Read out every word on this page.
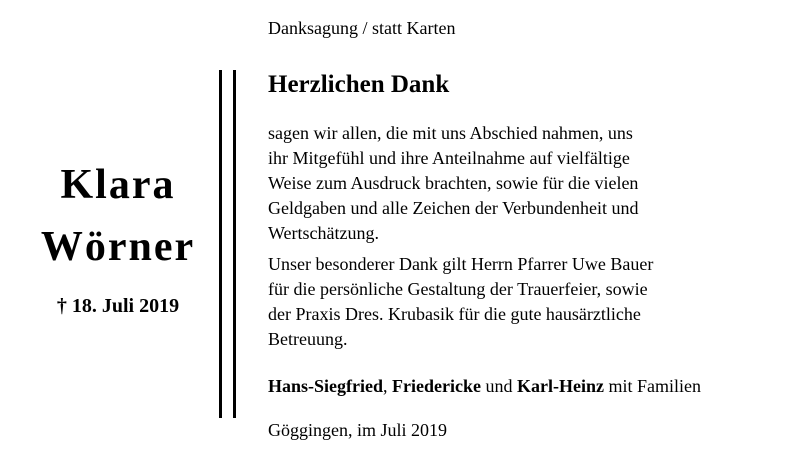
Danksagung / statt Karten
Klara
Wörner
† 18. Juli 2019
Herzlichen Dank

sagen wir allen, die mit uns Abschied nahmen, uns
ihr Mitgefühl und ihre Anteilnahme auf vielfältige
Weise zum Ausdruck brachten, sowie für die vielen
Geldgaben und alle Zeichen der Verbundenheit und
Wertschätzung.

Unser besonderer Dank gilt Herrn Pfarrer Uwe Bauer
für die persönliche Gestaltung der Trauerfeier, sowie
der Praxis Dres. Krubasik für die gute hausärztliche
Betreuung.

Hans-Siegfried, Friedericke und Karl-Heinz mit Familien
Göggingen, im Juli 2019
